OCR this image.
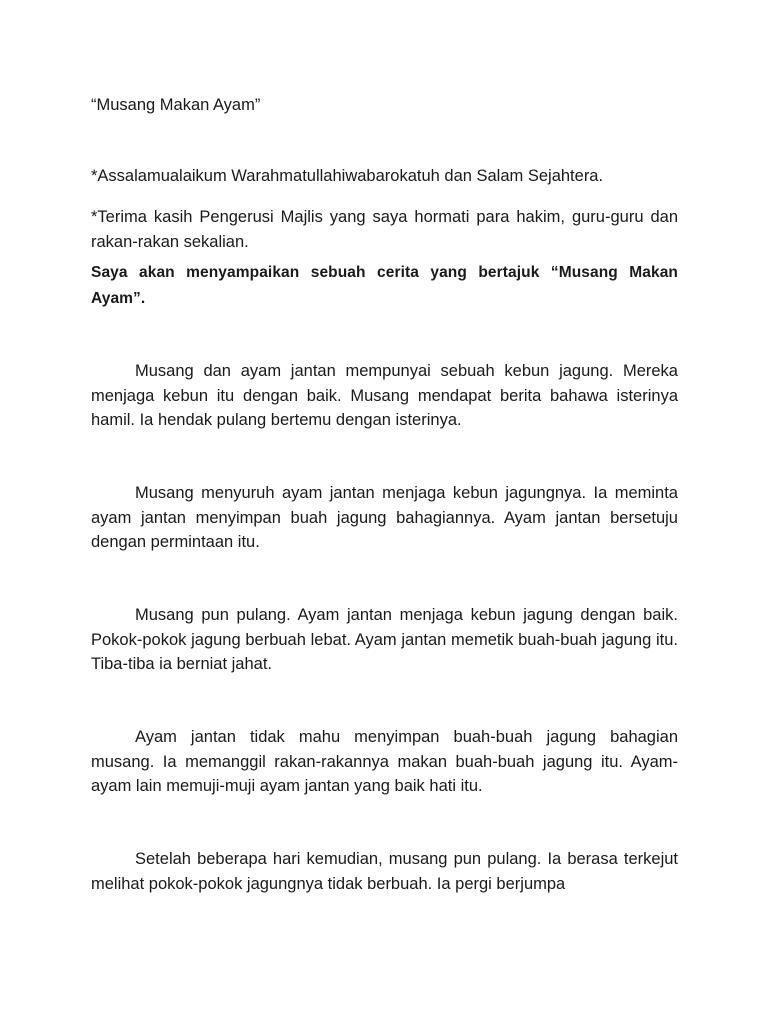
“Musang Makan Ayam”
*Assalamualaikum Warahmatullahiwabarokatuh dan Salam Sejahtera.
*Terima kasih Pengerusi Majlis yang saya hormati para hakim, guru-guru dan rakan-rakan sekalian.
Saya akan menyampaikan sebuah cerita yang bertajuk “Musang Makan Ayam”.
Musang dan ayam jantan mempunyai sebuah kebun jagung. Mereka menjaga kebun itu dengan baik. Musang mendapat berita bahawa isterinya hamil. Ia hendak pulang bertemu dengan isterinya.
Musang menyuruh ayam jantan menjaga kebun jagungnya. Ia meminta ayam jantan menyimpan buah jagung bahagiannya. Ayam jantan bersetuju dengan permintaan itu.
Musang pun pulang. Ayam jantan menjaga kebun jagung dengan baik. Pokok-pokok jagung berbuah lebat. Ayam jantan memetik buah-buah jagung itu. Tiba-tiba ia berniat jahat.
Ayam jantan tidak mahu menyimpan buah-buah jagung bahagian musang. Ia memanggil rakan-rakannya makan buah-buah jagung itu. Ayam-ayam lain memuji-muji ayam jantan yang baik hati itu.
Setelah beberapa hari kemudian, musang pun pulang. Ia berasa terkejut melihat pokok-pokok jagungnya tidak berbuah. Ia pergi berjumpa
